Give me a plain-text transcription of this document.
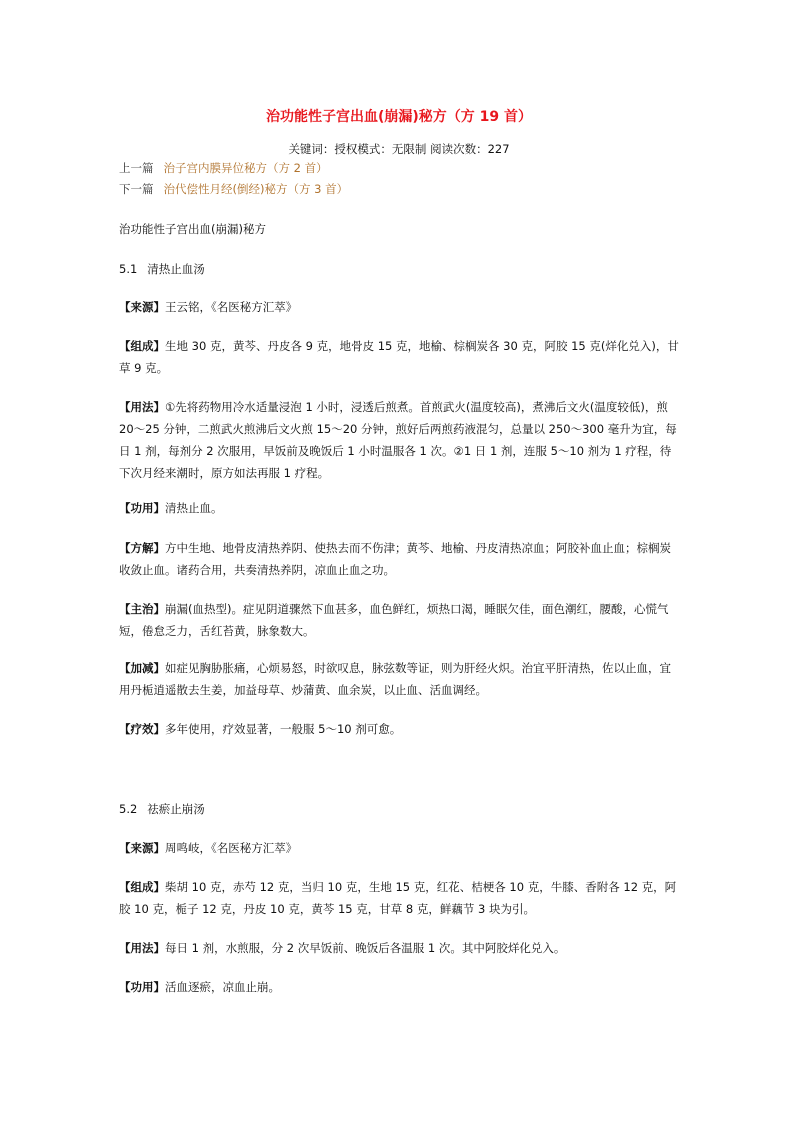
治功能性子宫出血(崩漏)秘方（方 19 首）
关键词：授权模式：无限制 阅读次数：227
上一篇 治子宫内膜异位秘方（方 2 首）
下一篇 治代偿性月经(倒经)秘方（方 3 首）
治功能性子宫出血(崩漏)秘方
5.1 清热止血汤
【来源】王云铭，《名医秘方汇萃》
【组成】生地 30 克，黄芩、丹皮各 9 克，地骨皮 15 克，地榆、棕榈炭各 30 克，阿胶 15 克(烊化兑入)，甘草 9 克。
【用法】①先将药物用冷水适量浸泡 1 小时，浸透后煎煮。首煎武火(温度较高)，煮沸后文火(温度较低)，煎 20～25 分钟，二煎武火煎沸后文火煎 15～20 分钟，煎好后两煎药液混匀，总量以 250～300 毫升为宜，每日 1 剂，每剂分 2 次服用，早饭前及晚饭后 1 小时温服各 1 次。②1 日 1 剂，连服 5～10 剂为 1 疗程，待下次月经来潮时，原方如法再服 1 疗程。
【功用】清热止血。
【方解】方中生地、地骨皮清热养阴、使热去而不伤津；黄芩、地榆、丹皮清热凉血；阿胶补血止血；棕榈炭收敛止血。诸药合用，共奏清热养阴，凉血止血之功。
【主治】崩漏(血热型)。症见阴道骤然下血甚多，血色鲜红，烦热口渴，睡眠欠佳，面色潮红，腰酸，心慌气短，倦怠乏力，舌红苔黄，脉象数大。
【加减】如症见胸胁胀痛，心烦易怒，时欲叹息，脉弦数等证，则为肝经火炽。治宜平肝清热，佐以止血，宜用丹栀逍遥散去生姜，加益母草、炒蒲黄、血余炭，以止血、活血调经。
【疗效】多年使用，疗效显著，一般服 5～10 剂可愈。
5.2 祛瘀止崩汤
【来源】周鸣岐，《名医秘方汇萃》
【组成】柴胡 10 克，赤芍 12 克，当归 10 克，生地 15 克，红花、桔梗各 10 克，牛膝、香附各 12 克，阿胶 10 克，栀子 12 克，丹皮 10 克，黄芩 15 克，甘草 8 克，鲜藕节 3 块为引。
【用法】每日 1 剂，水煎服，分 2 次早饭前、晚饭后各温服 1 次。其中阿胶烊化兑入。
【功用】活血逐瘀，凉血止崩。
